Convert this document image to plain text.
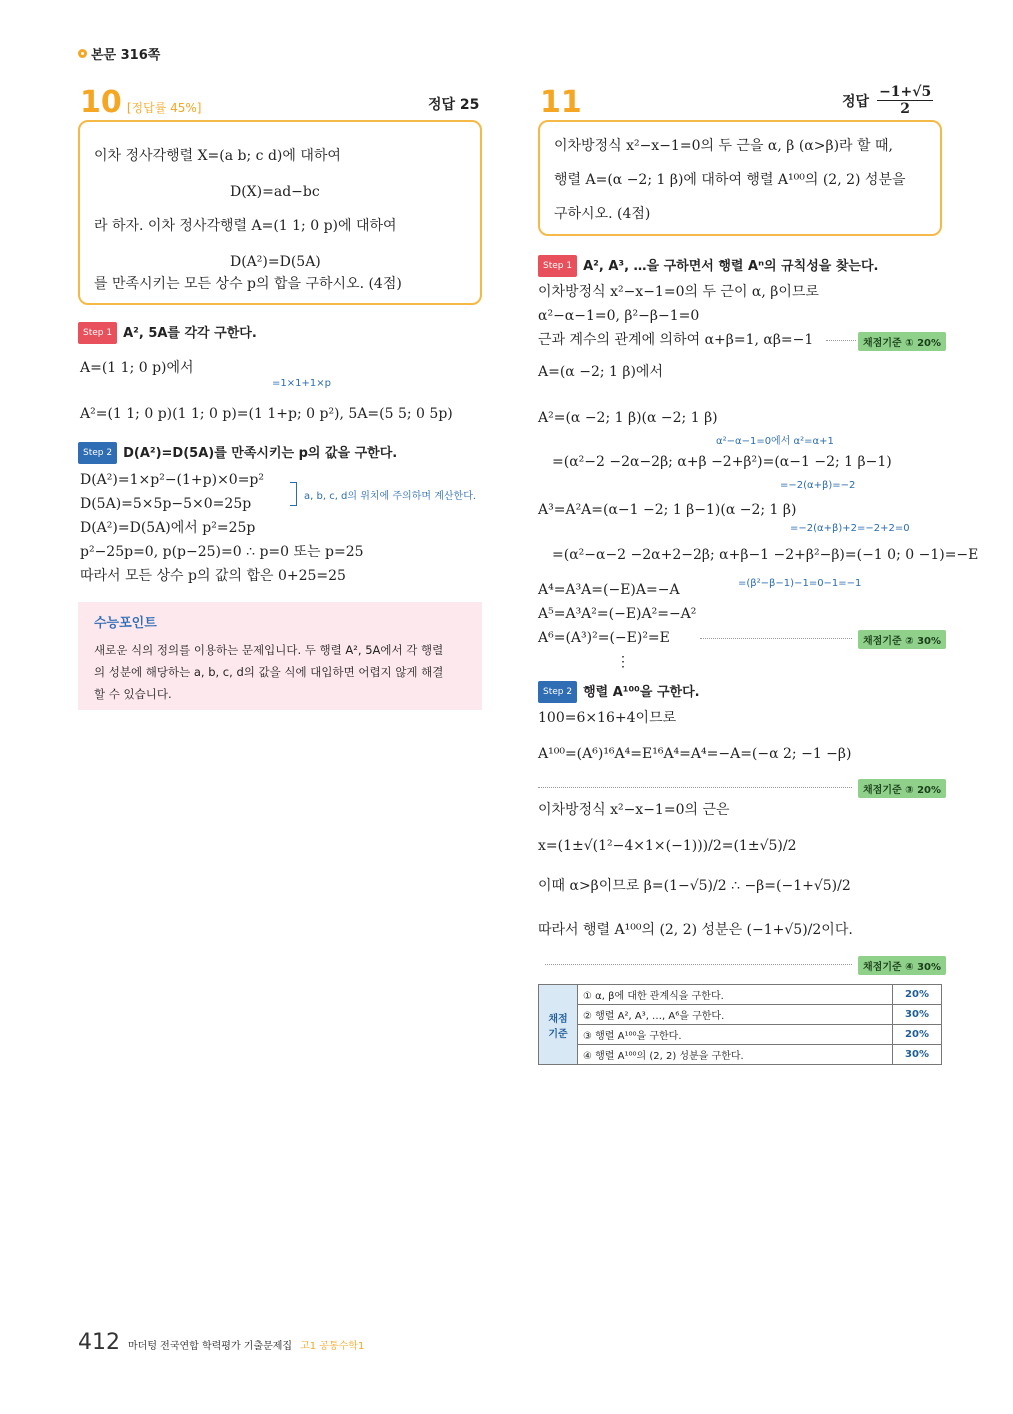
본문 316쪽
10 [정답률 45%]	정답 25
이차 정사각행렬 X=(a b; c d)에 대하여
D(X)=ad−bc
라 하자. 이차 정사각행렬 A=(1 1; 0 p)에 대하여
D(A²)=D(5A)
를 만족시키는 모든 상수 p의 합을 구하시오. (4점)
Step 1 A², 5A를 각각 구한다.
A=(1 1; 0 p)에서
=1×1+1×p
A²=(1 1; 0 p)(1 1; 0 p)=(1 1+p; 0 p²), 5A=(5 5; 0 5p)
Step 2 D(A²)=D(5A)를 만족시키는 p의 값을 구한다.
D(A²)=1×p²−(1+p)×0=p²
D(5A)=5×5p−5×0=25p
D(A²)=D(5A)에서 p²=25p
p²−25p=0, p(p−25)=0 ∴ p=0 또는 p=25
따라서 모든 상수 p의 값의 합은 0+25=25
a, b, c, d의 위치에 주의하며 계산한다.
수능포인트
새로운 식의 정의를 이용하는 문제입니다. 두 행렬 A², 5A에서 각 행렬
의 성분에 해당하는 a, b, c, d의 값을 식에 대입하면 어렵지 않게 해결
할 수 있습니다.
11	정답 $\frac{-1+√5}{2}$
이차방정식 x²−x−1=0의 두 근을 α, β (α>β)라 할 때,
행렬 A=(α −2; 1 β)에 대하여 행렬 A¹⁰⁰의 (2, 2) 성분을
구하시오. (4점)
Step 1 A², A³, …을 구하면서 행렬 Aⁿ의 규칙성을 찾는다.
이차방정식 x²−x−1=0의 두 근이 α, β이므로
α²−α−1=0, β²−β−1=0
근과 계수의 관계에 의하여 α+β=1, αβ=−1	채점기준 ① 20%
A=(α −2; 1 β)에서
A²=(α −2; 1 β)(α −2; 1 β)
α²−α−1=0에서 α²=α+1
=(α²−2 −2α−2β; α+β −2+β²)=(α−1 −2; 1 β−1)
=−2(α+β)=−2
A³=A²A=(α−1 −2; 1 β−1)(α −2; 1 β)
=−2(α+β)+2=−2+2=0
=(α²−α−2 −2α+2−2β; α+β−1 −2+β²−β)=(−1 0; 0 −1)=−E
A⁴=A³A=(−E)A=−A	=(β²−β−1)−1=0−1=−1
A⁵=A³A²=(−E)A²=−A²
A⁶=(A³)²=(−E)²=E	채점기준 ② 30%
⋮
Step 2 행렬 A¹⁰⁰을 구한다.
100=6×16+4이므로
A¹⁰⁰=(A⁶)¹⁶A⁴=E¹⁶A⁴=A⁴=−A=(−α 2; −1 −β)
채점기준 ③ 20%
이차방정식 x²−x−1=0의 근은
x=(1±√(1²−4×1×(−1)))/2=(1±√5)/2
이때 α>β이므로 β=(1−√5)/2 ∴ −β=(−1+√5)/2
따라서 행렬 A¹⁰⁰의 (2, 2) 성분은 (−1+√5)/2이다.
채점기준 ④ 30%
채점
기준	① α, β에 대한 관계식을 구한다.	20%
	② 행렬 A², A³, …, A⁶을 구한다.	30%
	③ 행렬 A¹⁰⁰을 구한다.	20%
	④ 행렬 A¹⁰⁰의 (2, 2) 성분을 구한다.	30%
412 마더텅 전국연합 학력평가 기출문제집 고1 공통수학1
